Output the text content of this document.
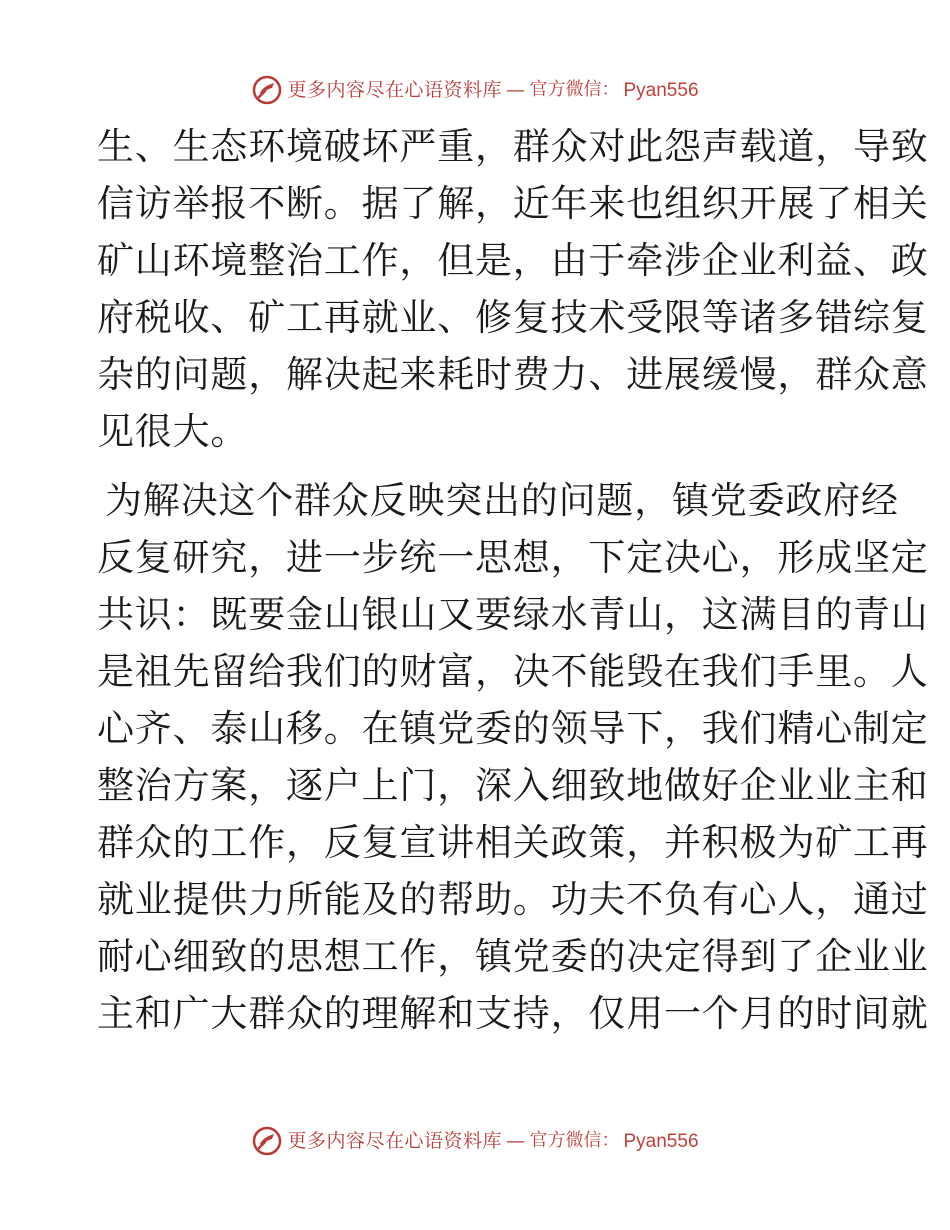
更多内容尽在心语资料库 — 官方微信： Pyan556
生、生态环境破坏严重，群众对此怨声载道，导致
信访举报不断。据了解，近年来也组织开展了相关
矿山环境整治工作，但是，由于牵涉企业利益、政
府税收、矿工再就业、修复技术受限等诸多错综复
杂的问题，解决起来耗时费力、进展缓慢，群众意
见很大。
为解决这个群众反映突出的问题，镇党委政府经
反复研究，进一步统一思想，下定决心，形成坚定
共识：既要金山银山又要绿水青山，这满目的青山
是祖先留给我们的财富，决不能毁在我们手里。人
心齐、泰山移。在镇党委的领导下，我们精心制定
整治方案，逐户上门，深入细致地做好企业业主和
群众的工作，反复宣讲相关政策，并积极为矿工再
就业提供力所能及的帮助。功夫不负有心人，通过
耐心细致的思想工作，镇党委的决定得到了企业业
主和广大群众的理解和支持，仅用一个月的时间就
更多内容尽在心语资料库 — 官方微信： Pyan556
